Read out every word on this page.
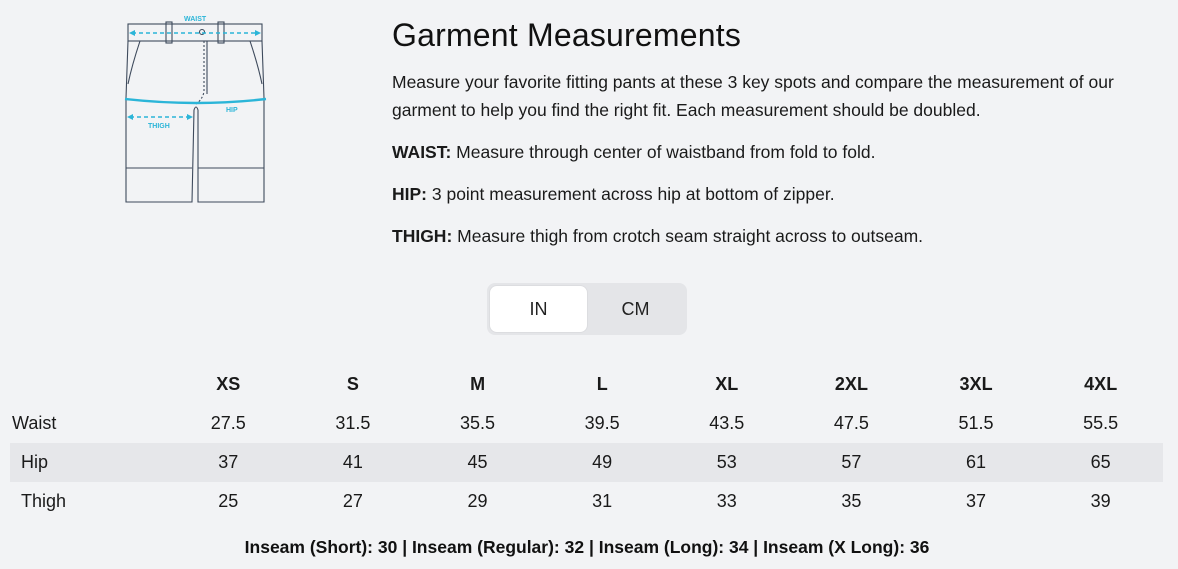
WAIST
HIP
THIGH
Garment Measurements

Measure your favorite fitting pants at these 3 key spots and compare the measurement of our garment to help you find the right fit. Each measurement should be doubled.

WAIST: Measure through center of waistband from fold to fold.

HIP: 3 point measurement across hip at bottom of zipper.

THIGH: Measure thigh from crotch seam straight across to outseam.

IN	CM
	XS	S	M	L	XL	2XL	3XL	4XL
Waist	27.5	31.5	35.5	39.5	43.5	47.5	51.5	55.5
Hip	37	41	45	49	53	57	61	65
Thigh	25	27	29	31	33	35	37	39
Inseam (Short): 30 | Inseam (Regular): 32 | Inseam (Long): 34 | Inseam (X Long): 36
